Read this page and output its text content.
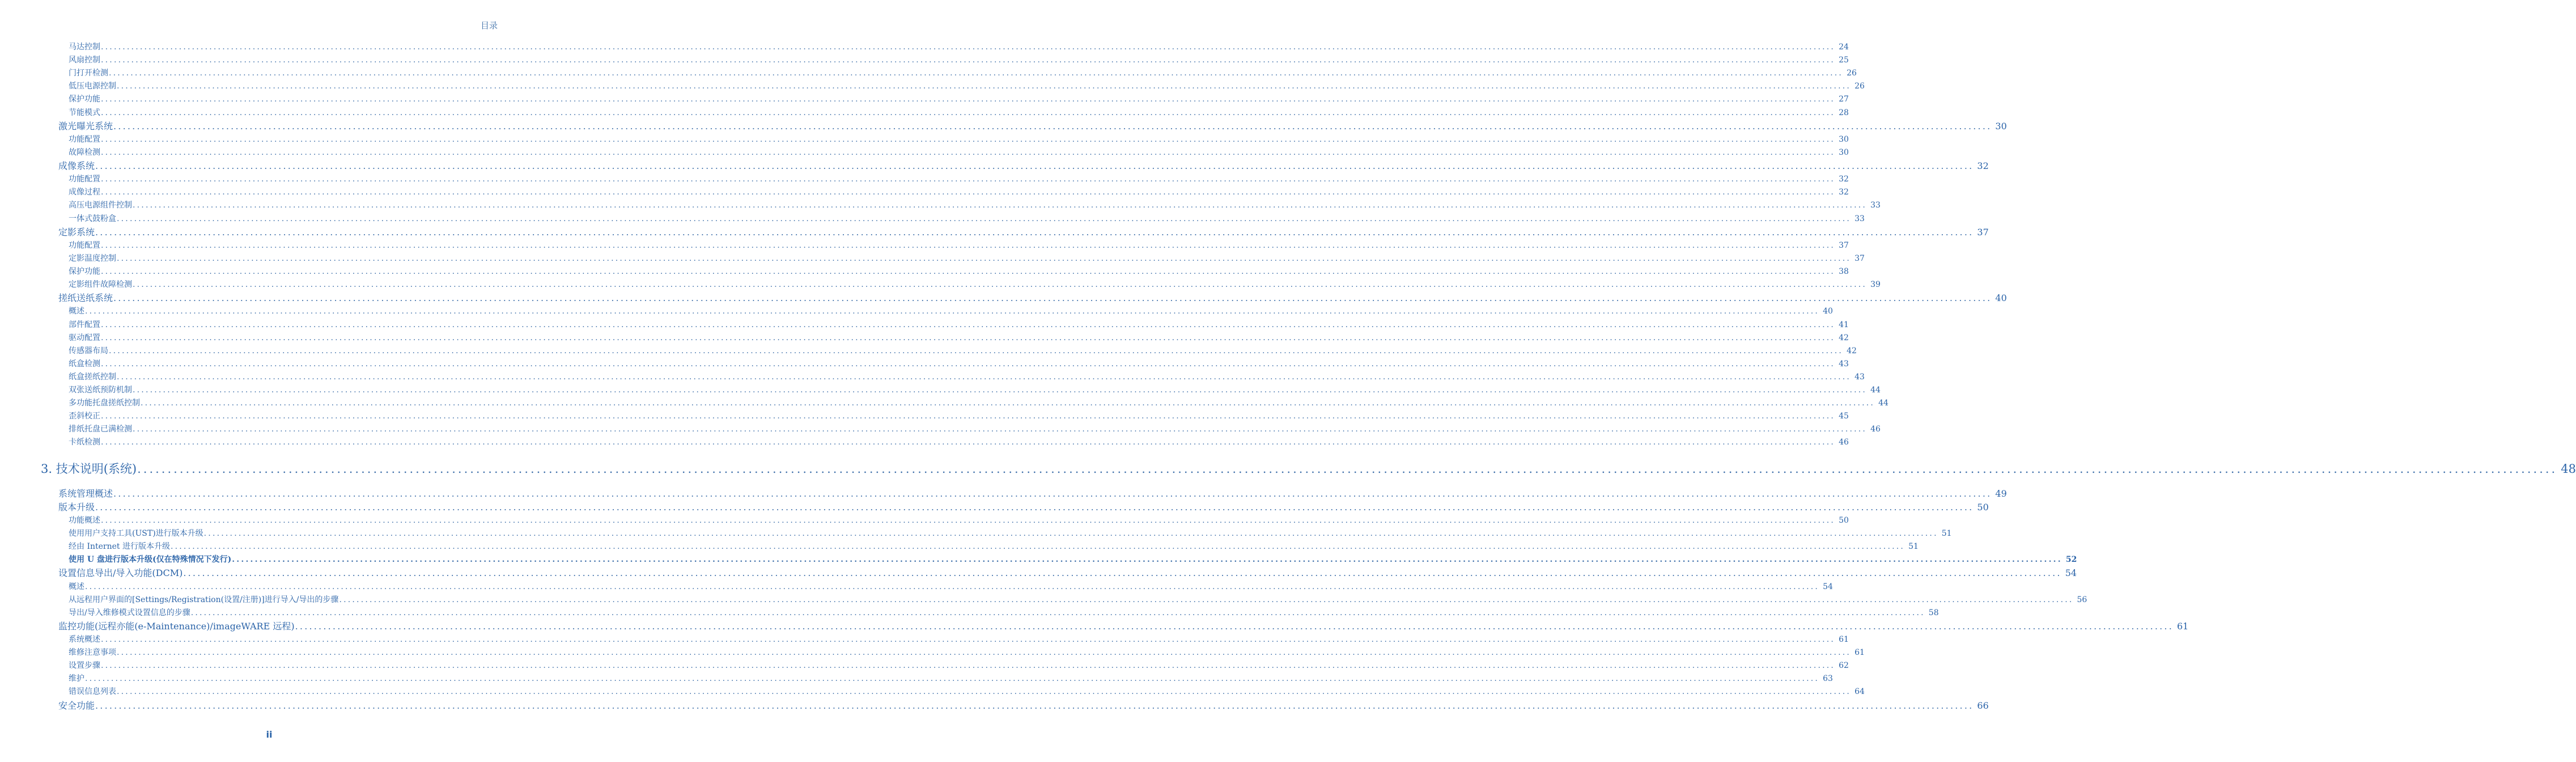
目录
马达控制 ................................................................................................................................................................................................................................................................................................................................................................................................................ 24
风扇控制 ................................................................................................................................................................................................................................................................................................................................................................................................................ 25
门打开检测 ................................................................................................................................................................................................................................................................................................................................................................................................................ 26
低压电源控制 ................................................................................................................................................................................................................................................................................................................................................................................................................ 26
保护功能 ................................................................................................................................................................................................................................................................................................................................................................................................................ 27
节能模式 ................................................................................................................................................................................................................................................................................................................................................................................................................ 28
激光曝光系统 ................................................................................................................................................................................................................................................................................................................................................................................................................ 30
功能配置 ................................................................................................................................................................................................................................................................................................................................................................................................................ 30
故障检测 ................................................................................................................................................................................................................................................................................................................................................................................................................ 30
成像系统 ................................................................................................................................................................................................................................................................................................................................................................................................................ 32
功能配置 ................................................................................................................................................................................................................................................................................................................................................................................................................ 32
成像过程 ................................................................................................................................................................................................................................................................................................................................................................................................................ 32
高压电源组件控制 ................................................................................................................................................................................................................................................................................................................................................................................................................ 33
一体式鼓粉盒 ................................................................................................................................................................................................................................................................................................................................................................................................................ 33
定影系统 ................................................................................................................................................................................................................................................................................................................................................................................................................ 37
功能配置 ................................................................................................................................................................................................................................................................................................................................................................................................................ 37
定影温度控制 ................................................................................................................................................................................................................................................................................................................................................................................................................ 37
保护功能 ................................................................................................................................................................................................................................................................................................................................................................................................................ 38
定影组件故障检测 ................................................................................................................................................................................................................................................................................................................................................................................................................ 39
搓纸送纸系统 ................................................................................................................................................................................................................................................................................................................................................................................................................ 40
概述 ................................................................................................................................................................................................................................................................................................................................................................................................................ 40
部件配置 ................................................................................................................................................................................................................................................................................................................................................................................................................ 41
驱动配置 ................................................................................................................................................................................................................................................................................................................................................................................................................ 42
传感器布局 ................................................................................................................................................................................................................................................................................................................................................................................................................ 42
纸盒检测 ................................................................................................................................................................................................................................................................................................................................................................................................................ 43
纸盒搓纸控制 ................................................................................................................................................................................................................................................................................................................................................................................................................ 43
双张送纸预防机制 ................................................................................................................................................................................................................................................................................................................................................................................................................ 44
多功能托盘搓纸控制 ................................................................................................................................................................................................................................................................................................................................................................................................................ 44
歪斜校正 ................................................................................................................................................................................................................................................................................................................................................................................................................ 45
排纸托盘已满检测 ................................................................................................................................................................................................................................................................................................................................................................................................................ 46
卡纸检测 ................................................................................................................................................................................................................................................................................................................................................................................................................ 46
3. 技术说明(系统) ................................................................................................................................................................................................................................................................................................................................................................................................................ 48
系统管理概述 ................................................................................................................................................................................................................................................................................................................................................................................................................ 49
版本升级 ................................................................................................................................................................................................................................................................................................................................................................................................................ 50
功能概述 ................................................................................................................................................................................................................................................................................................................................................................................................................ 50
使用用户支持工具(UST)进行版本升级 ................................................................................................................................................................................................................................................................................................................................................................................................................ 51
经由 Internet 进行版本升级 ................................................................................................................................................................................................................................................................................................................................................................................................................ 51
使用 U 盘进行版本升级(仅在特殊情况下发行) ................................................................................................................................................................................................................................................................................................................................................................................................................ 52
设置信息导出/导入功能(DCM) ................................................................................................................................................................................................................................................................................................................................................................................................................ 54
概述 ................................................................................................................................................................................................................................................................................................................................................................................................................ 54
从远程用户界面的[Settings/Registration(设置/注册)]进行导入/导出的步骤 ................................................................................................................................................................................................................................................................................................................................................................................................................ 56
导出/导入维修模式设置信息的步骤 ................................................................................................................................................................................................................................................................................................................................................................................................................ 58
监控功能(远程亦能(e-Maintenance)/imageWARE 远程) ................................................................................................................................................................................................................................................................................................................................................................................................................ 61
系统概述 ................................................................................................................................................................................................................................................................................................................................................................................................................ 61
维修注意事项 ................................................................................................................................................................................................................................................................................................................................................................................................................ 61
设置步骤 ................................................................................................................................................................................................................................................................................................................................................................................................................ 62
维护 ................................................................................................................................................................................................................................................................................................................................................................................................................ 63
错误信息列表 ................................................................................................................................................................................................................................................................................................................................................................................................................ 64
安全功能 ................................................................................................................................................................................................................................................................................................................................................................................................................ 66
ii
